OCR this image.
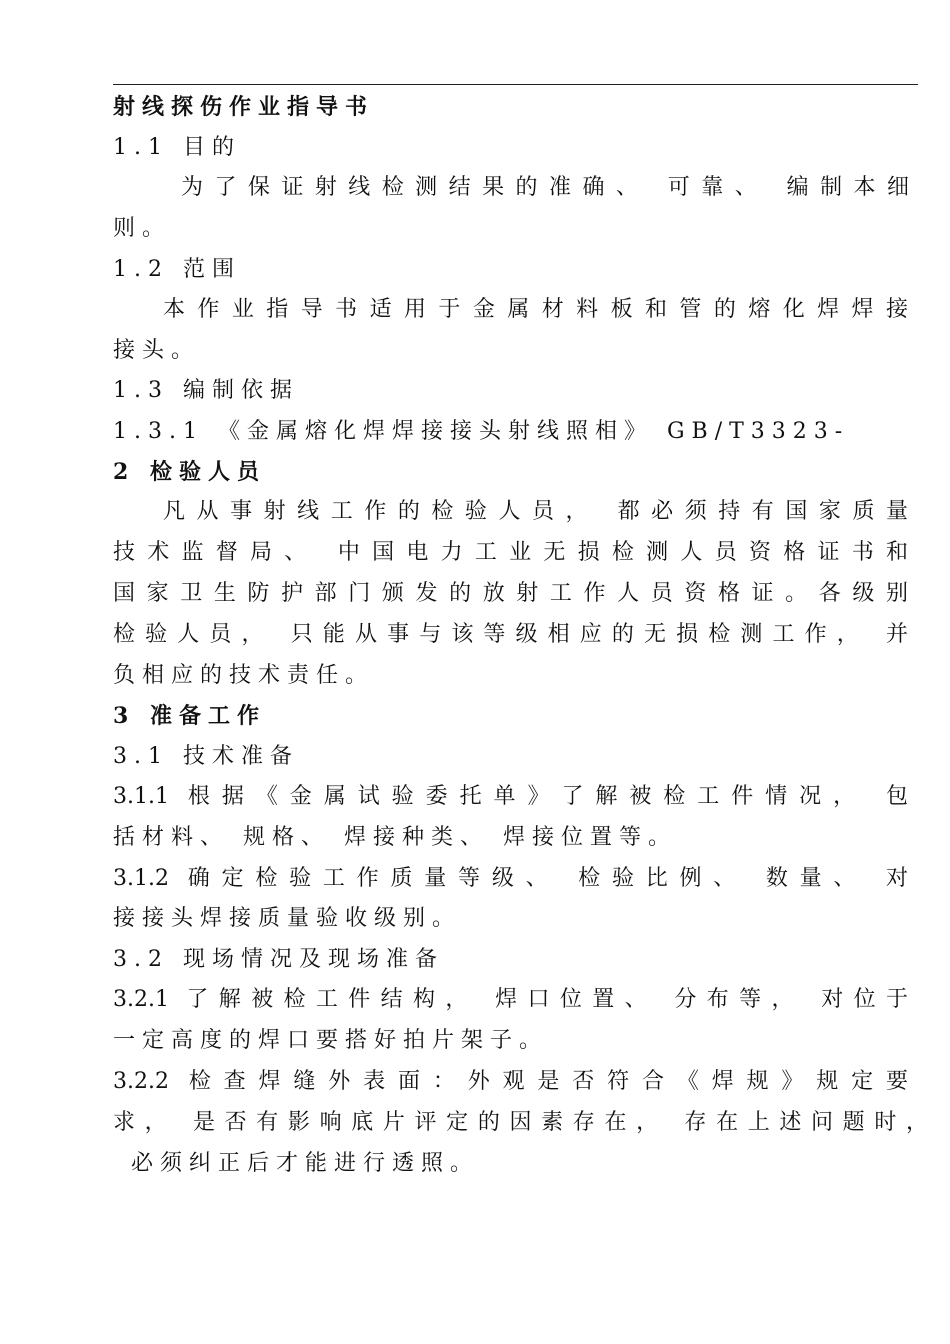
射线探伤作业指导书
1.1 目的
为了保证射线检测结果的准确、 可靠、 编制本细
则。
1.2 范围
本作业指导书适用于金属材料板和管的熔化焊焊接
接头。
1.3 编制依据
1.3.1 《金属熔化焊焊接接头射线照相》 GB/T3323-
2 检验人员
凡从事射线工作的检验人员， 都必须持有国家质量
技术监督局、 中国电力工业无损检测人员资格证书和
国家卫生防护部门颁发的放射工作人员资格证。各级别
检验人员， 只能从事与该等级相应的无损检测工作， 并
负相应的技术责任。
3 准备工作
3.1 技术准备
3.1.1 根据《金属试验委托单》了解被检工件情况， 包
括材料、 规格、 焊接种类、 焊接位置等。
3.1.2 确定检验工作质量等级、 检验比例、 数量、 对
接接头焊接质量验收级别。
3.2 现场情况及现场准备
3.2.1 了解被检工件结构， 焊口位置、 分布等， 对位于
一定高度的焊口要搭好拍片架子。
3.2.2 检查焊缝外表面：外观是否符合《焊规》规定要
求， 是否有影响底片评定的因素存在， 存在上述问题时，
必须纠正后才能进行透照。
